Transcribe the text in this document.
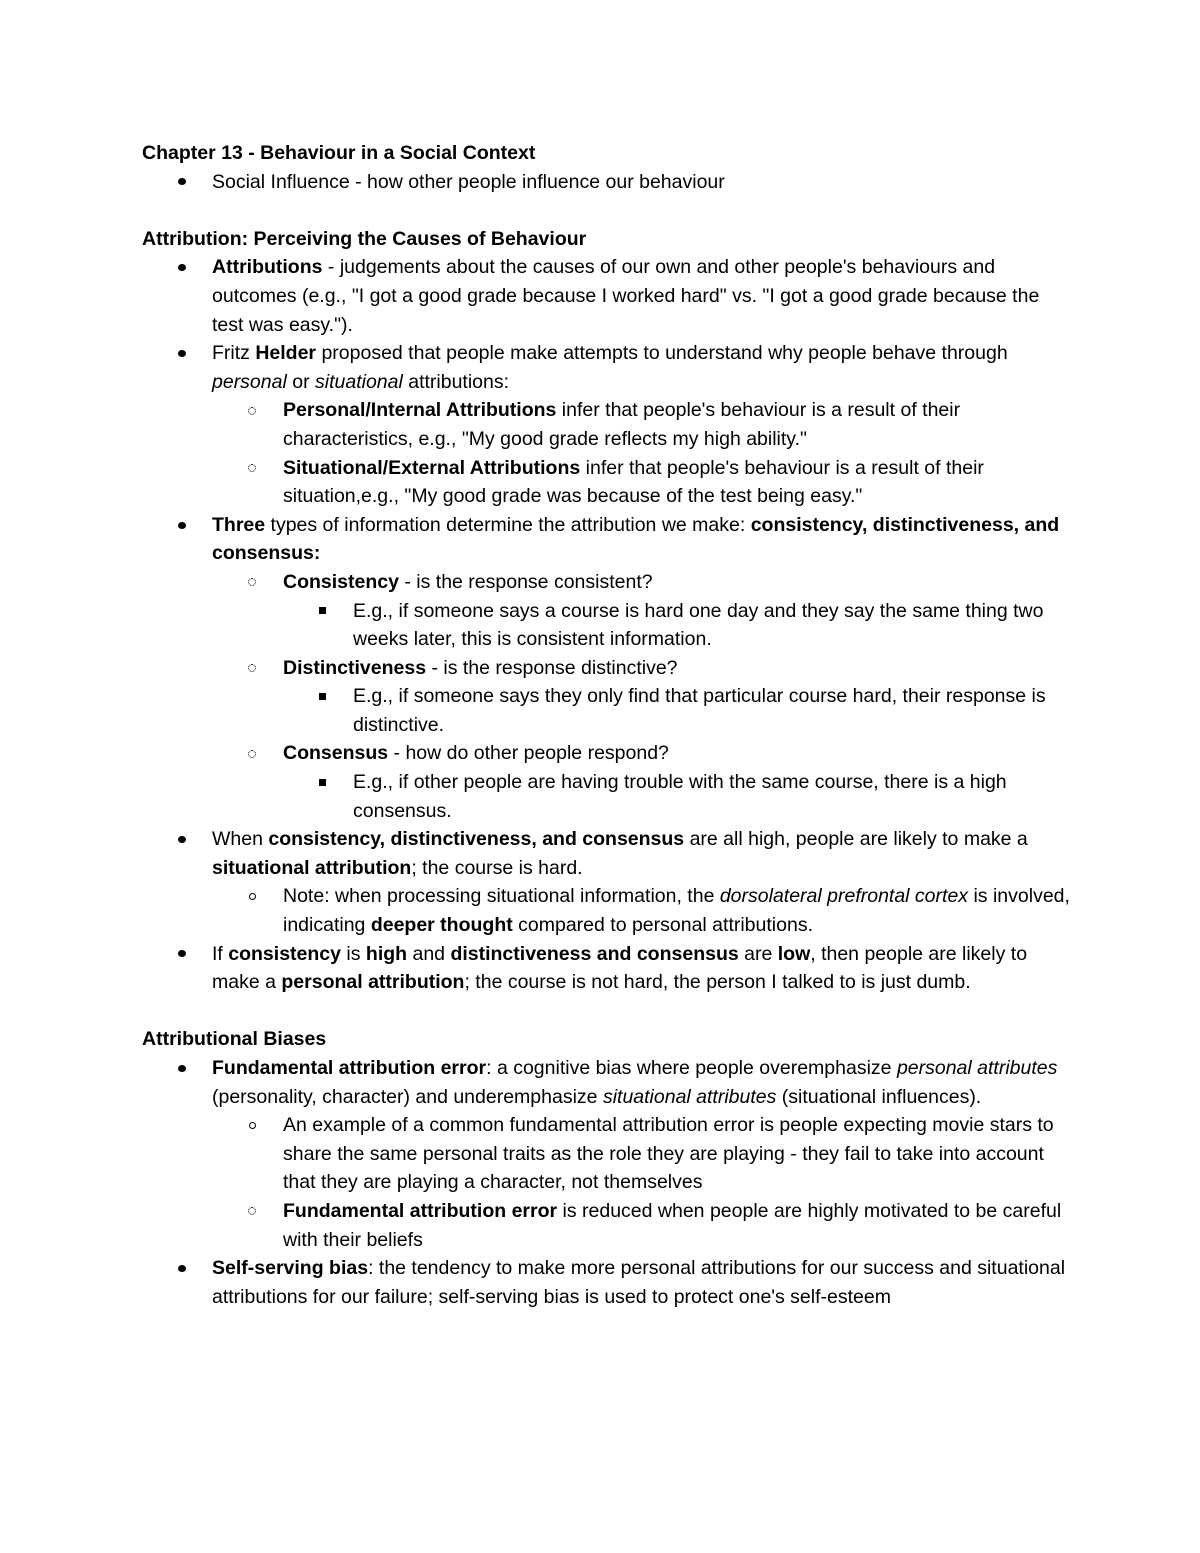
Chapter 13 - Behaviour in a Social Context

Social Influence - how other people influence our behaviour

Attribution: Perceiving the Causes of Behaviour

Attributions - judgements about the causes of our own and other people's behaviours and outcomes (e.g., "I got a good grade because I worked hard" vs. "I got a good grade because the test was easy.").
Fritz Helder proposed that people make attempts to understand why people behave through personal or situational attributions:
Personal/Internal Attributions infer that people's behaviour is a result of their characteristics, e.g., "My good grade reflects my high ability."
Situational/External Attributions infer that people's behaviour is a result of their situation,e.g., "My good grade was because of the test being easy."
Three types of information determine the attribution we make: consistency, distinctiveness, and consensus:
Consistency - is the response consistent?
E.g., if someone says a course is hard one day and they say the same thing two weeks later, this is consistent information.
Distinctiveness - is the response distinctive?
E.g., if someone says they only find that particular course hard, their response is distinctive.
Consensus - how do other people respond?
E.g., if other people are having trouble with the same course, there is a high consensus.
When consistency, distinctiveness, and consensus are all high, people are likely to make a situational attribution; the course is hard.
Note: when processing situational information, the dorsolateral prefrontal cortex is involved, indicating deeper thought compared to personal attributions.
If consistency is high and distinctiveness and consensus are low, then people are likely to make a personal attribution; the course is not hard, the person I talked to is just dumb.

Attributional Biases

Fundamental attribution error: a cognitive bias where people overemphasize personal attributes (personality, character) and underemphasize situational attributes (situational influences).
An example of a common fundamental attribution error is people expecting movie stars to share the same personal traits as the role they are playing - they fail to take into account that they are playing a character, not themselves
Fundamental attribution error is reduced when people are highly motivated to be careful with their beliefs
Self-serving bias: the tendency to make more personal attributions for our success and situational attributions for our failure; self-serving bias is used to protect one's self-esteem
